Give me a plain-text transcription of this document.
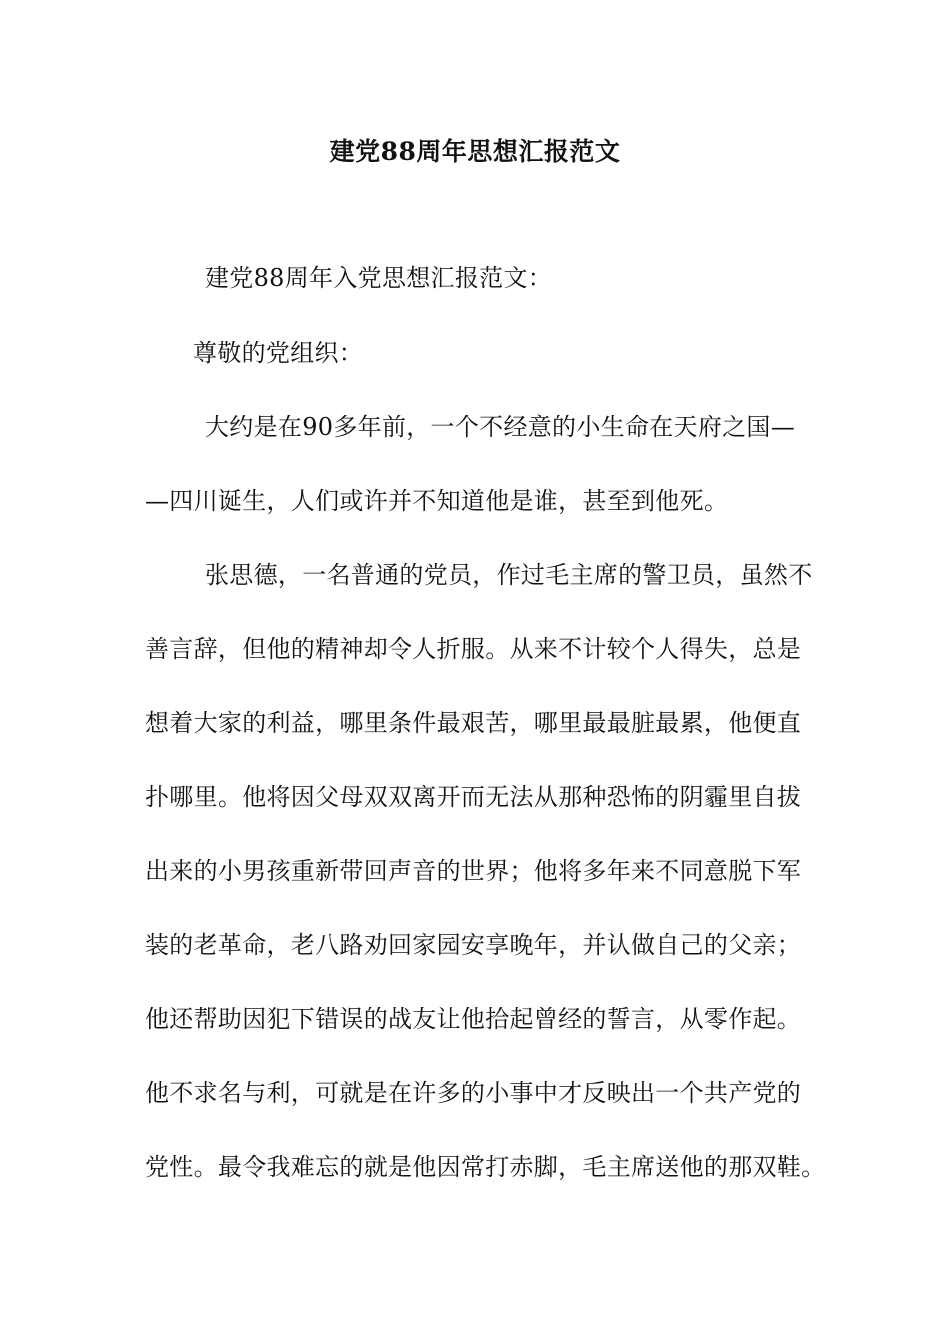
建党88周年思想汇报范文
建党88周年入党思想汇报范文：
尊敬的党组织：
大约是在90多年前，一个不经意的小生命在天府之国—
—四川诞生，人们或许并不知道他是谁，甚至到他死。
张思德，一名普通的党员，作过毛主席的警卫员，虽然不
善言辞，但他的精神却令人折服。从来不计较个人得失，总是
想着大家的利益，哪里条件最艰苦，哪里最最脏最累，他便直
扑哪里。他将因父母双双离开而无法从那种恐怖的阴霾里自拔
出来的小男孩重新带回声音的世界；他将多年来不同意脱下军
装的老革命，老八路劝回家园安享晚年，并认做自己的父亲；
他还帮助因犯下错误的战友让他拾起曾经的誓言，从零作起。
他不求名与利，可就是在许多的小事中才反映出一个共产党的
党性。最令我难忘的就是他因常打赤脚，毛主席送他的那双鞋。
